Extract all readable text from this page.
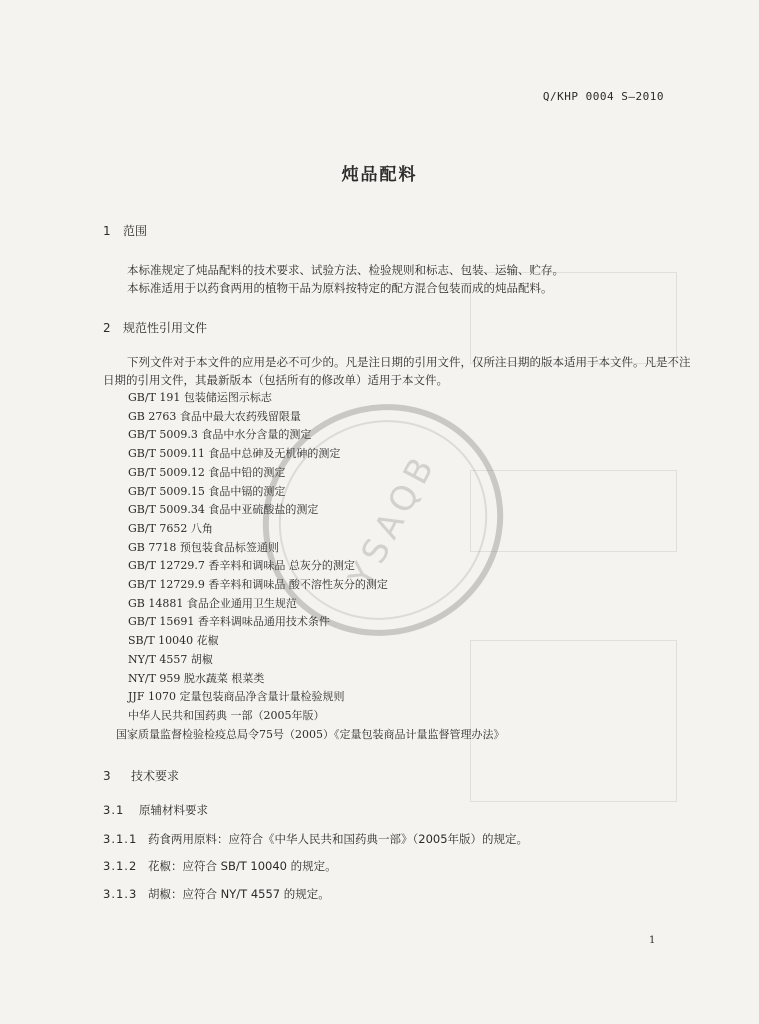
Q/KHP 0004 S—2010
炖品配料
1 范围
本标准规定了炖品配料的技术要求、试验方法、检验规则和标志、包装、运输、贮存。
本标准适用于以药食两用的植物干品为原料按特定的配方混合包装而成的炖品配料。
2 规范性引用文件
下列文件对于本文件的应用是必不可少的。凡是注日期的引用文件，仅所注日期的版本适用于本文件。凡是不注日期的引用文件，其最新版本（包括所有的修改单）适用于本文件。
GB/T 191 包装储运图示标志
GB 2763 食品中最大农药残留限量
GB/T 5009.3 食品中水分含量的测定
GB/T 5009.11 食品中总砷及无机砷的测定
GB/T 5009.12 食品中铅的测定
GB/T 5009.15 食品中镉的测定
GB/T 5009.34 食品中亚硫酸盐的测定
GB/T 7652 八角
GB 7718 预包装食品标签通则
GB/T 12729.7 香辛料和调味品 总灰分的测定
GB/T 12729.9 香辛料和调味品 酸不溶性灰分的测定
GB 14881 食品企业通用卫生规范
GB/T 15691 香辛料调味品通用技术条件
SB/T 10040 花椒
NY/T 4557 胡椒
NY/T 959 脱水蔬菜 根菜类
JJF 1070 定量包装商品净含量计量检验规则
中华人民共和国药典 一部（2005年版）
国家质量监督检验检疫总局令75号（2005）《定量包装商品计量监督管理办法》
3 技术要求
3.1 原辅材料要求
3.1.1 药食两用原料：应符合《中华人民共和国药典一部》（2005年版）的规定。
3.1.2 花椒：应符合 SB/T 10040 的规定。
3.1.3 胡椒：应符合 NY/T 4557 的规定。
1
YSAQB
